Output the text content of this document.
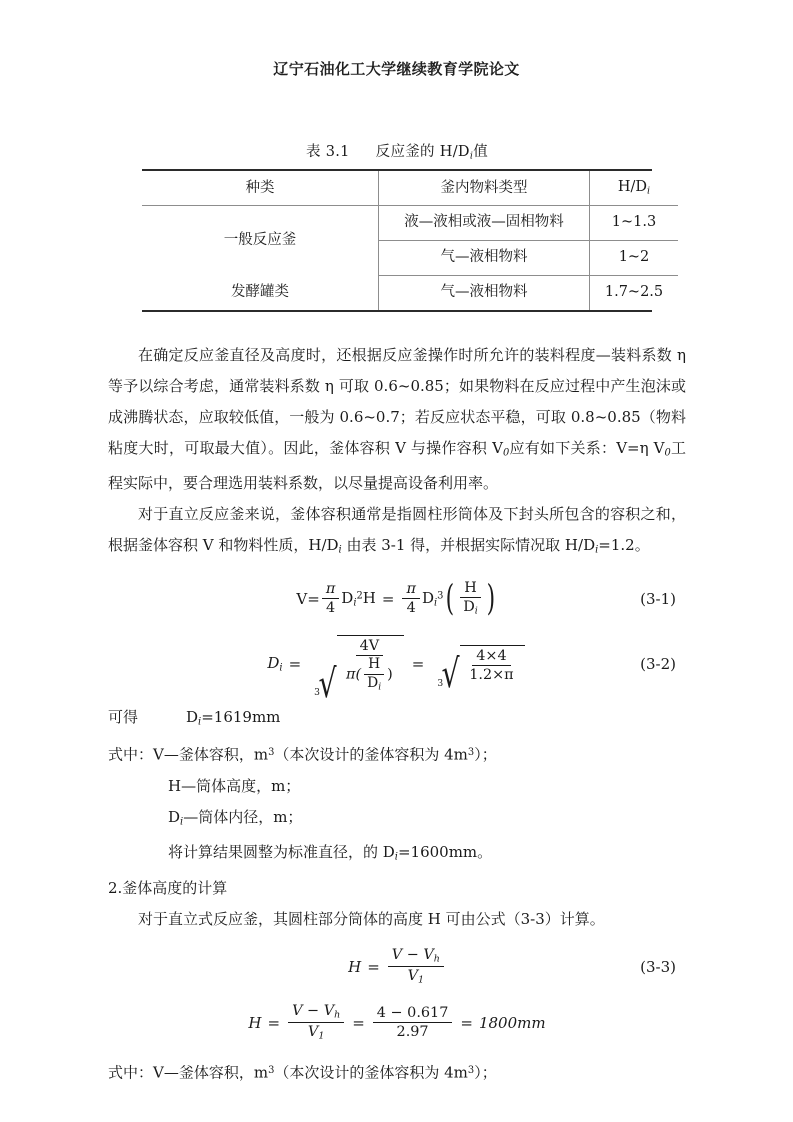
辽宁石油化工大学继续教育学院论文
表 3.1 反应釜的 $H/D_i$值
种类	釜内物料类型	$H/D_i$
一般反应釜	液—液相或液—固相物料	1~1.3
	气—液相物料	1~2
发酵罐类	气—液相物料	1.7~2.5

在确定反应釜直径及高度时，还根据反应釜操作时所允许的装料程度—装料系数 η 等予以综合考虑，通常装料系数 η 可取 0.6~0.85；如果物料在反应过程中产生泡沫或成沸腾状态，应取较低值，一般为 0.6~0.7；若反应状态平稳，可取 0.8~0.85（物料粘度大时，可取最大值）。因此，釜体容积 V 与操作容积 $V_0$应有如下关系：V=η $V_0$工程实际中，要合理选用装料系数，以尽量提高设备利用率。

对于直立反应釜来说，釜体容积通常是指圆柱形筒体及下封头所包含的容积之和，根据釜体容积 V 和物料性质，$H/D_i$ 由表 3-1 得，并根据实际情况取 $H/D_i=1.2$。

$V= \frac{\pi}{4} D_i^2H = \frac{\pi}{4} D_i^3$ ( $\frac{H}{D_i}$ )	(3-1)
$D_i$ =
3
√ $\frac{4V}{\pi( \frac{H}{D_i} )}$ =
3
√ $\frac{4\times 4}{1.2\times\pi}$	(3-2)

可得	$D_i=1619mm$

式中：V—釜体容积，$m^3$（本次设计的釜体容积为 $4m^3$）；

H—筒体高度，m；

$D_i—$筒体内径，m；

将计算结果圆整为标准直径，的 $D_i=1600mm$。

2.釜体高度的计算

对于直立式反应釜，其圆柱部分筒体的高度 H 可由公式（3-3）计算。

$H = \frac{V - V_h}{V_1}$	(3-3)
$H = \frac{V - V_h}{V_1} = \frac{4 - 0.617}{2.97} = 1800mm$

式中：V—釜体容积，$m^3$（本次设计的釜体容积为 $4m^3$）；
